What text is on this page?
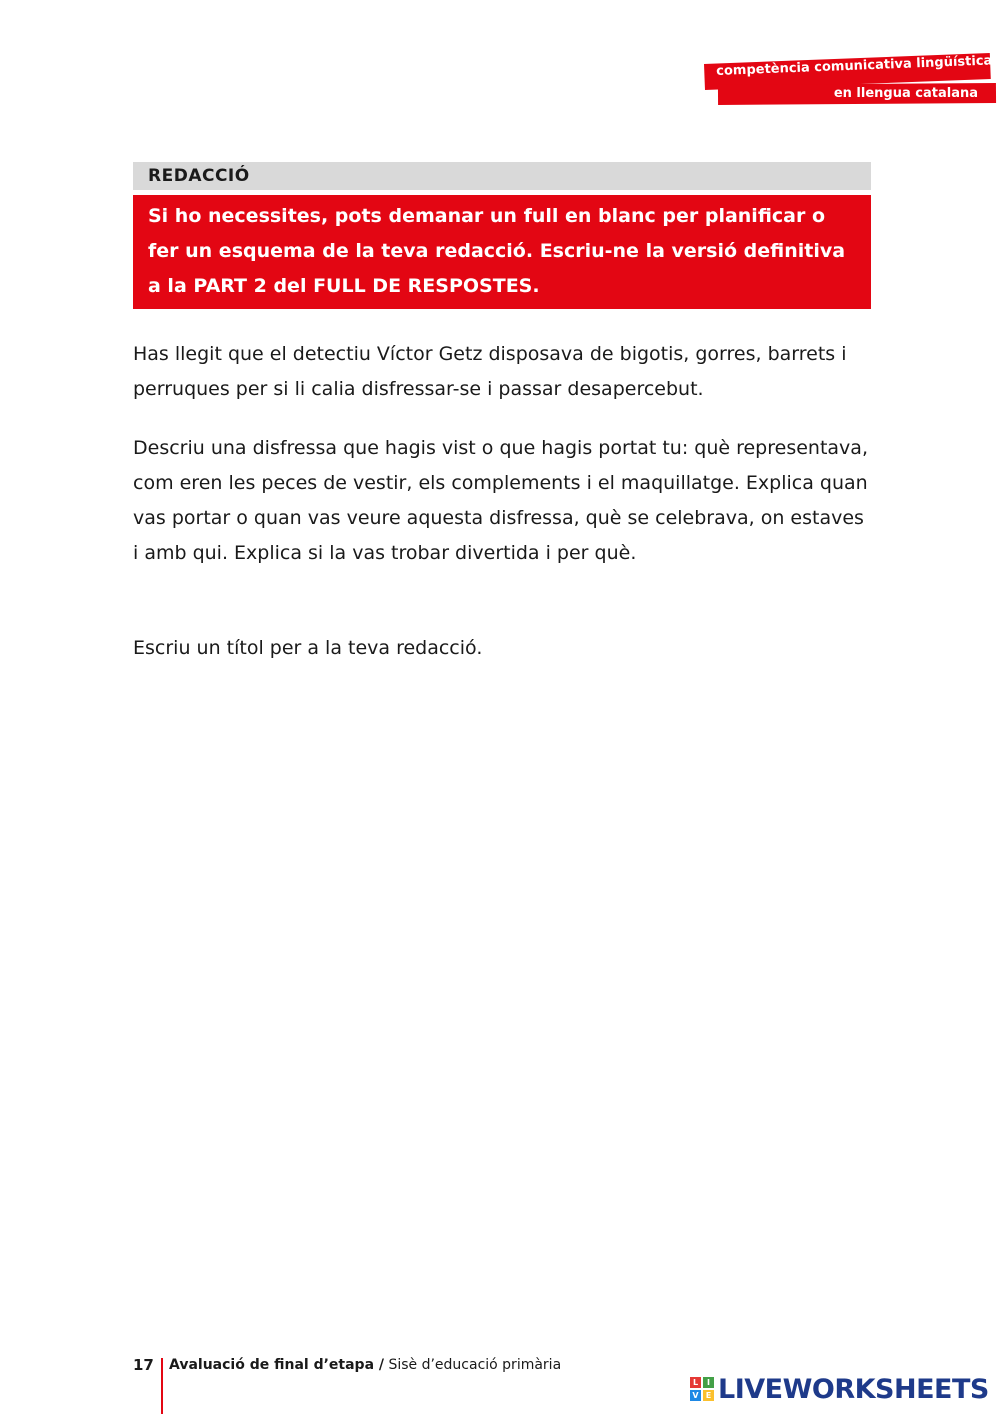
competència comunicativa lingüística
en llengua catalana
REDACCIÓ
Si ho necessites, pots demanar un full en blanc per planificar o fer un esquema de la teva redacció. Escriu-ne la versió definitiva a la PART 2 del FULL DE RESPOSTES.
Has llegit que el detectiu Víctor Getz disposava de bigotis, gorres, barrets i perruques per si li calia disfressar-se i passar desapercebut.
Descriu una disfressa que hagis vist o que hagis portat tu: què representava, com eren les peces de vestir, els complements i el maquillatge. Explica quan vas portar o quan vas veure aquesta disfressa, què se celebrava, on estaves i amb qui. Explica si la vas trobar divertida i per què.
Escriu un títol per a la teva redacció.
17 Avaluació de final d’etapa / Sisè d’educació primària
L	I
V E LIVEWORKSHEETS
